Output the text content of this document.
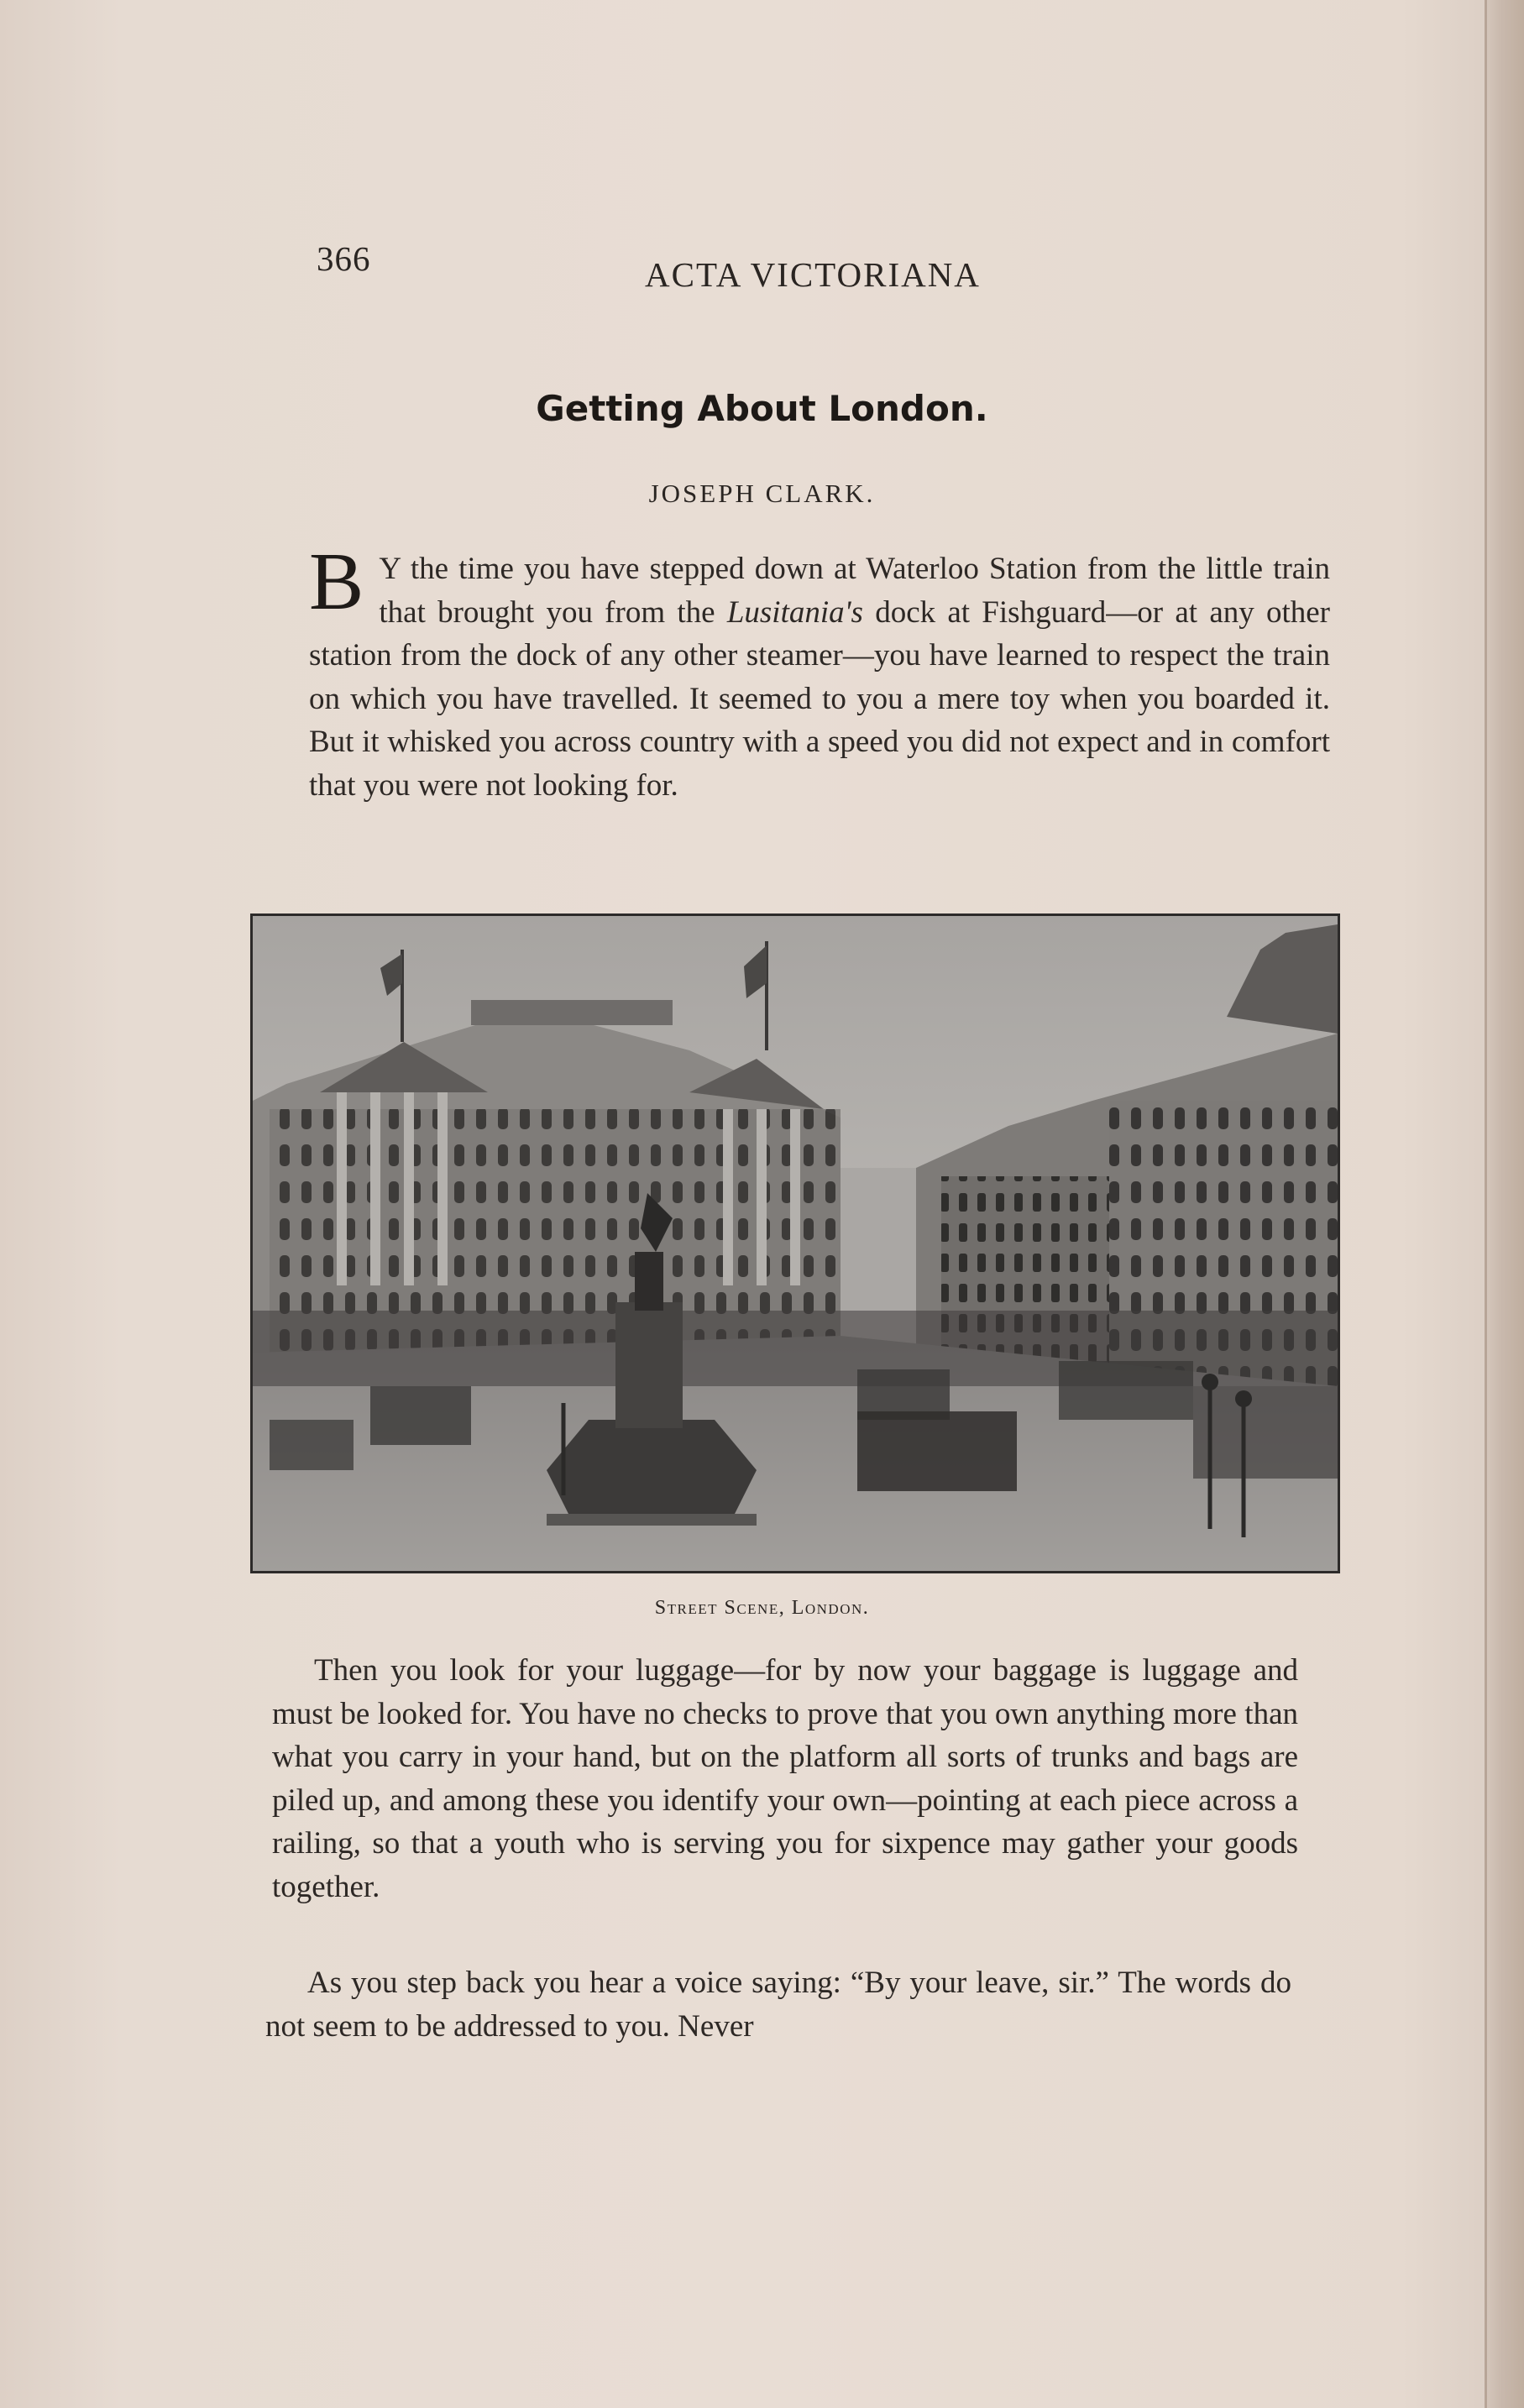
366	ACTA VICTORIANA
Getting About London.
JOSEPH CLARK.

B Y the time you have stepped down at Waterloo Station from the little train that brought you from the Lusitania's dock at Fishguard—or at any other station from the dock of any other steamer—you have learned to respect the train on which you have travelled. It seemed to you a mere toy when you boarded it. But it whisked you across country with a speed you did not expect and in comfort that you were not looking for.

Street Scene, London.

Then you look for your luggage—for by now your baggage is luggage and must be looked for. You have no checks to prove that you own anything more than what you carry in your hand, but on the platform all sorts of trunks and bags are piled up, and among these you identify your own—pointing at each piece across a railing, so that a youth who is serving you for sixpence may gather your goods together.

As you step back you hear a voice saying: “By your leave, sir.” The words do not seem to be addressed to you. Never
